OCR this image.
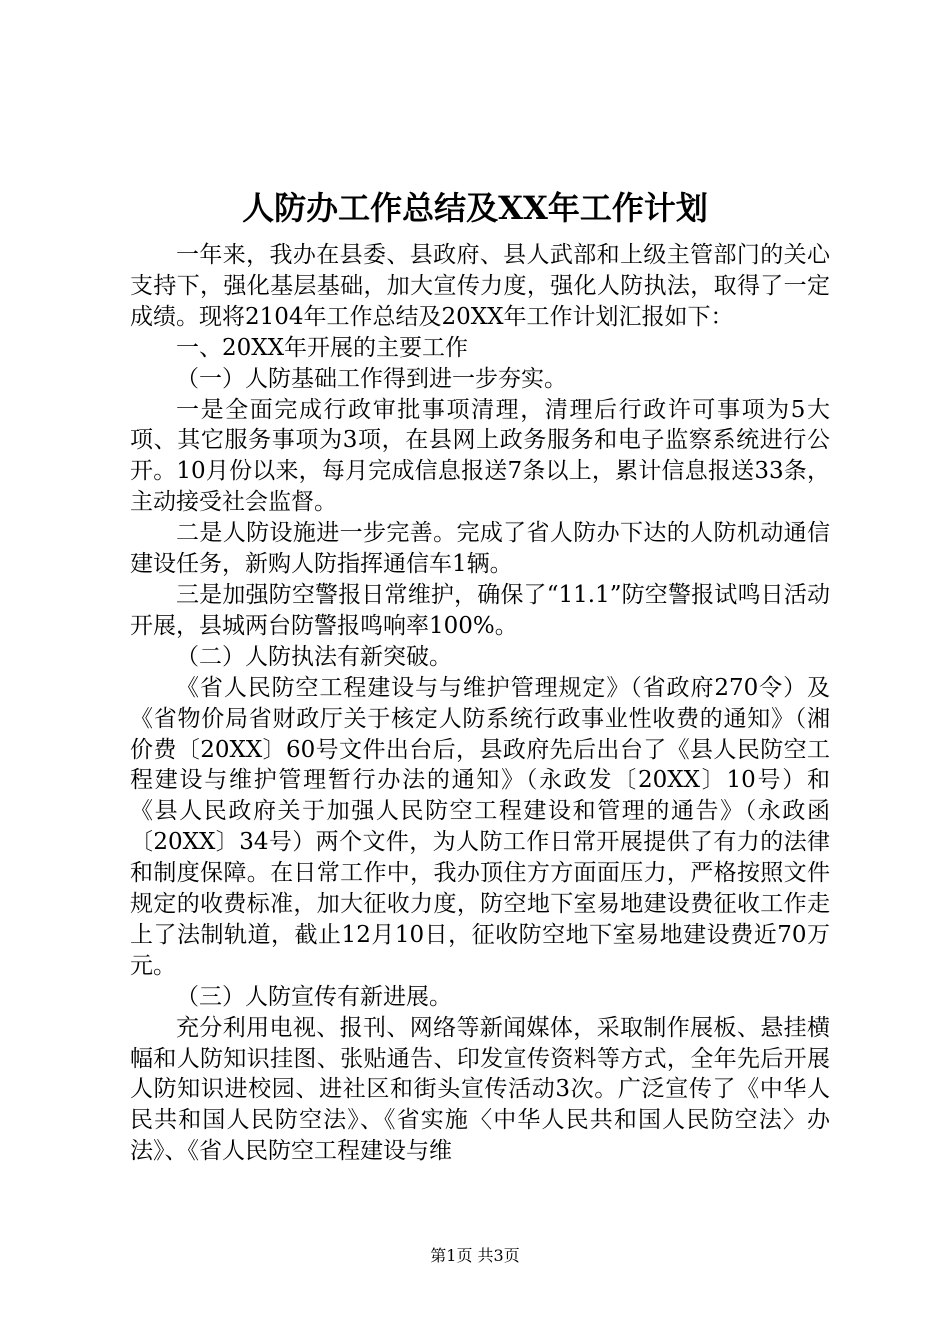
人防办工作总结及XX年工作计划

一年来，我办在县委、县政府、县人武部和上级主管部门的关心支持下，强化基层基础，加大宣传力度，强化人防执法，取得了一定成绩。现将2104年工作总结及20XX年工作计划汇报如下：

一、20XX年开展的主要工作

（一）人防基础工作得到进一步夯实。

一是全面完成行政审批事项清理，清理后行政许可事项为5大项、其它服务事项为3项，在县网上政务服务和电子监察系统进行公开。10月份以来，每月完成信息报送7条以上，累计信息报送33条，主动接受社会监督。

二是人防设施进一步完善。完成了省人防办下达的人防机动通信建设任务，新购人防指挥通信车1辆。

三是加强防空警报日常维护，确保了“11.1”防空警报试鸣日活动开展，县城两台防警报鸣响率100%。

（二）人防执法有新突破。

《省人民防空工程建设与与维护管理规定》（省政府270令）及《省物价局省财政厅关于核定人防系统行政事业性收费的通知》（湘价费〔20XX〕60号文件出台后，县政府先后出台了《县人民防空工程建设与维护管理暂行办法的通知》（永政发〔20XX〕10号）和《县人民政府关于加强人民防空工程建设和管理的通告》（永政函〔20XX〕34号）两个文件，为人防工作日常开展提供了有力的法律和制度保障。在日常工作中，我办顶住方方面面压力，严格按照文件规定的收费标准，加大征收力度，防空地下室易地建设费征收工作走上了法制轨道，截止12月10日，征收防空地下室易地建设费近70万元。

（三）人防宣传有新进展。

充分利用电视、报刊、网络等新闻媒体，采取制作展板、悬挂横幅和人防知识挂图、张贴通告、印发宣传资料等方式，全年先后开展人防知识进校园、进社区和街头宣传活动3次。广泛宣传了《中华人民共和国人民防空法》、《省实施〈中华人民共和国人民防空法〉办法》、《省人民防空工程建设与维

第1页 共3页
